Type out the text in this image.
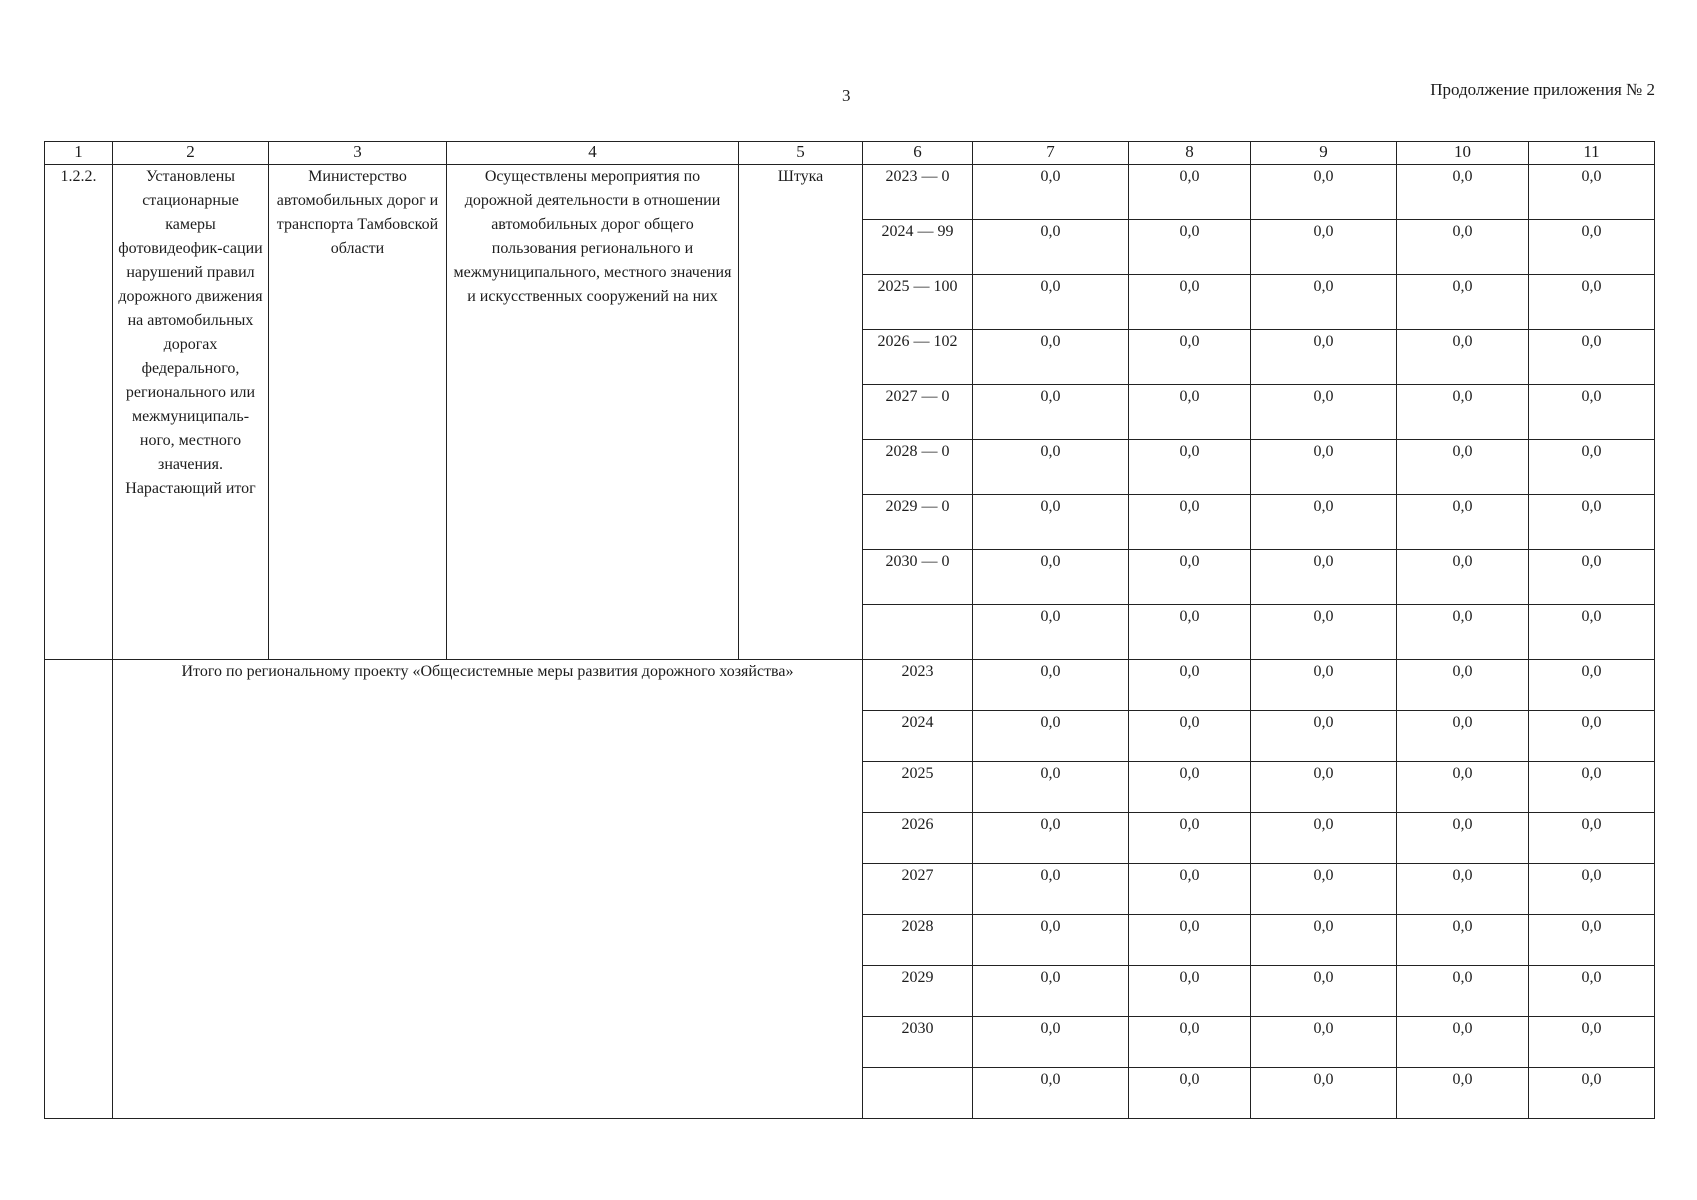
3	Продолжение приложения № 2
1	2	3	4	5	6	7	8	9	10	11
1.2.2.	Установлены стационарные камеры фотовидеофик-сации нарушений правил дорожного движения на автомобильных дорогах федерального, регионального или межмуниципаль-ного, местного значения. Нарастающий итог	Министерство автомобильных дорог и транспорта Тамбовской области	Осуществлены мероприятия по дорожной деятельности в отношении автомобильных дорог общего пользования регионального и межмуниципального, местного значения и искусственных сооружений на них	Штука	2023 — 0	0,0	0,0	0,0	0,0	0,0
					2024 — 99	0,0	0,0	0,0	0,0	0,0
					2025 — 100	0,0	0,0	0,0	0,0	0,0
					2026 — 102	0,0	0,0	0,0	0,0	0,0
					2027 — 0	0,0	0,0	0,0	0,0	0,0
					2028 — 0	0,0	0,0	0,0	0,0	0,0
					2029 — 0	0,0	0,0	0,0	0,0	0,0
					2030 — 0	0,0	0,0	0,0	0,0	0,0
						0,0	0,0	0,0	0,0	0,0
	Итого по региональному проекту «Общесистемные меры развития дорожного хозяйства»				2023	0,0	0,0	0,0	0,0	0,0
					2024	0,0	0,0	0,0	0,0	0,0
					2025	0,0	0,0	0,0	0,0	0,0
					2026	0,0	0,0	0,0	0,0	0,0
					2027	0,0	0,0	0,0	0,0	0,0
					2028	0,0	0,0	0,0	0,0	0,0
					2029	0,0	0,0	0,0	0,0	0,0
					2030	0,0	0,0	0,0	0,0	0,0
						0,0	0,0	0,0	0,0	0,0
